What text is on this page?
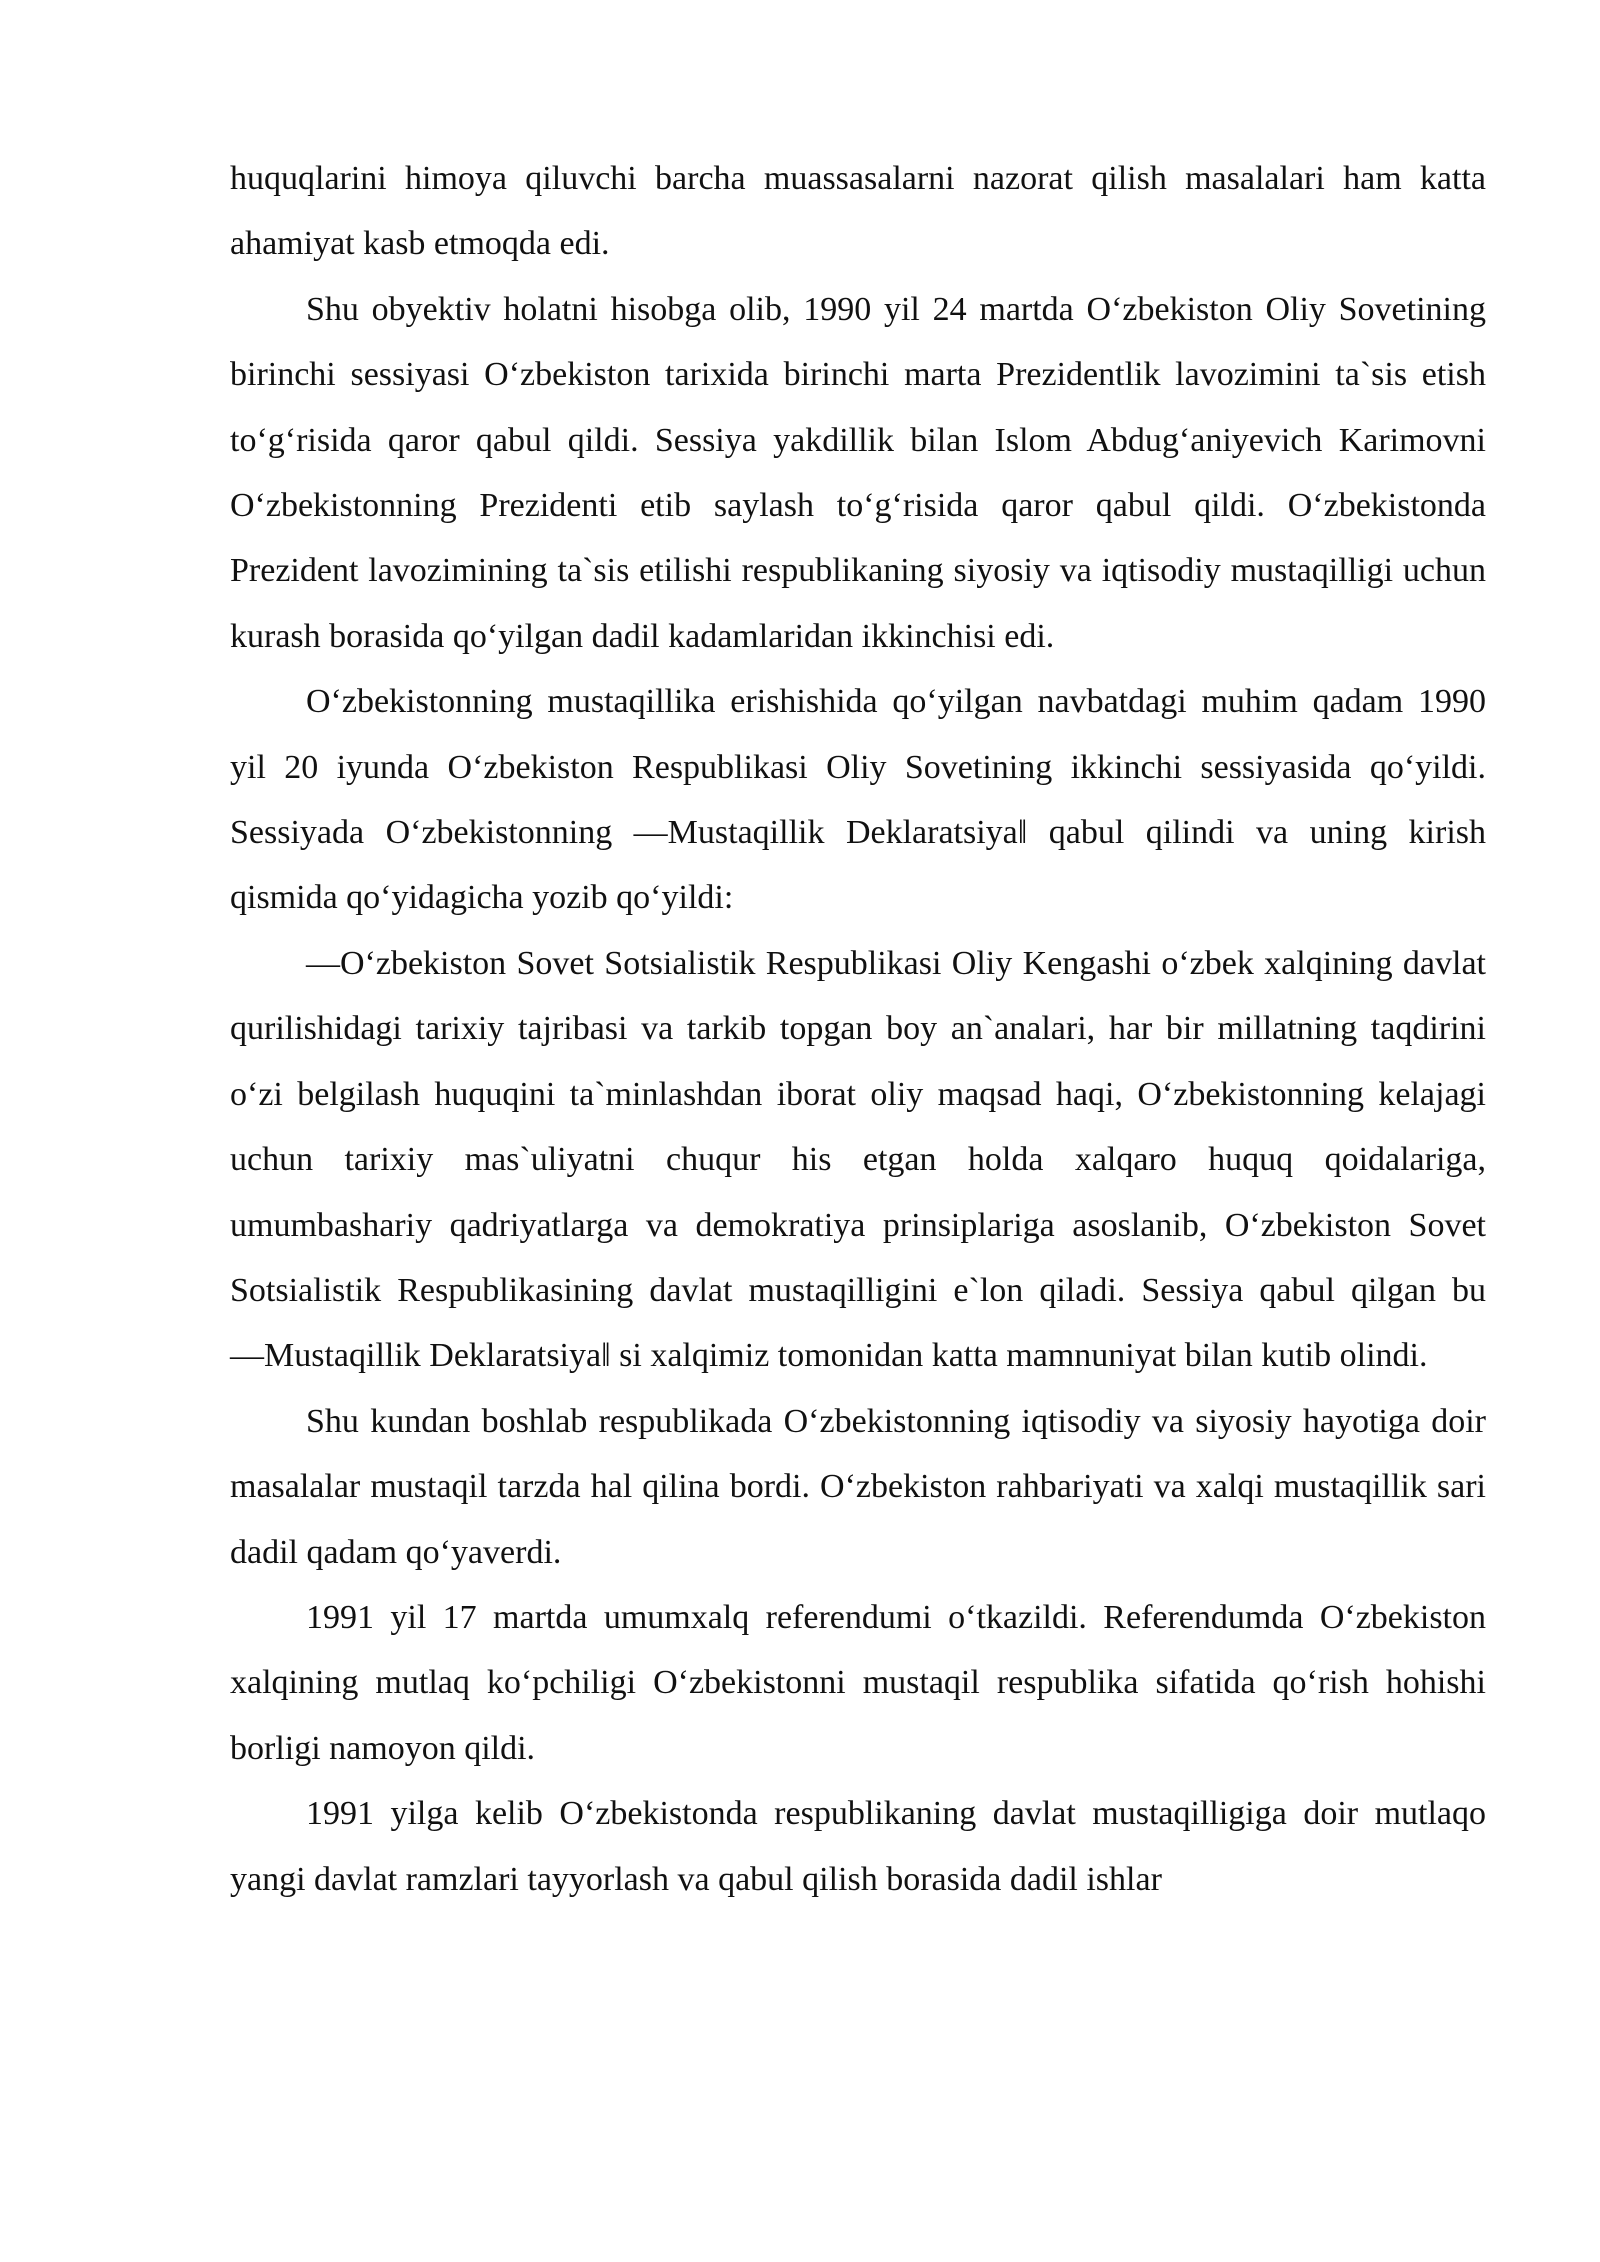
huquqlarini himoya qiluvchi barcha muassasalarni nazorat qilish masalalari ham katta ahamiyat kasb etmoqda edi.

Shu obyektiv holatni hisobga olib, 1990 yil 24 martda O‘zbekiston Oliy Sovetining birinchi sessiyasi O‘zbekiston tarixida birinchi marta Prezidentlik lavozimini ta`sis etish to‘g‘risida qaror qabul qildi. Sessiya yakdillik bilan Islom Abdug‘aniyevich Karimovni O‘zbekistonning Prezidenti etib saylash to‘g‘risida qaror qabul qildi. O‘zbekistonda Prezident lavozimining ta`sis etilishi respublikaning siyosiy va iqtisodiy mustaqilligi uchun kurash borasida qo‘yilgan dadil kadamlaridan ikkinchisi edi.

O‘zbekistonning mustaqillika erishishida qo‘yilgan navbatdagi muhim qadam 1990 yil 20 iyunda O‘zbekiston Respublikasi Oliy Sovetining ikkinchi sessiyasida qo‘yildi. Sessiyada O‘zbekistonning ―Mustaqillik Deklaratsiya‖ qabul qilindi va uning kirish qismida qo‘yidagicha yozib qo‘yildi:

―O‘zbekiston Sovet Sotsialistik Respublikasi Oliy Kengashi o‘zbek xalqining davlat qurilishidagi tarixiy tajribasi va tarkib topgan boy an`analari, har bir millatning taqdirini o‘zi belgilash huquqini ta`minlashdan iborat oliy maqsad haqi, O‘zbekistonning kelajagi uchun tarixiy mas`uliyatni chuqur his etgan holda xalqaro huquq qoidalariga, umumbashariy qadriyatlarga va demokratiya prinsiplariga asoslanib, O‘zbekiston Sovet Sotsialistik Respublikasining davlat mustaqilligini e`lon qiladi. Sessiya qabul qilgan bu ―Mustaqillik Deklaratsiya‖ si xalqimiz tomonidan katta mamnuniyat bilan kutib olindi.

Shu kundan boshlab respublikada O‘zbekistonning iqtisodiy va siyosiy hayotiga doir masalalar mustaqil tarzda hal qilina bordi. O‘zbekiston rahbariyati va xalqi mustaqillik sari dadil qadam qo‘yaverdi.

1991 yil 17 martda umumxalq referendumi o‘tkazildi. Referendumda O‘zbekiston xalqining mutlaq ko‘pchiligi O‘zbekistonni mustaqil respublika sifatida qo‘rish hohishi borligi namoyon qildi.

1991 yilga kelib O‘zbekistonda respublikaning davlat mustaqilligiga doir mutlaqo yangi davlat ramzlari tayyorlash va qabul qilish borasida dadil ishlar
